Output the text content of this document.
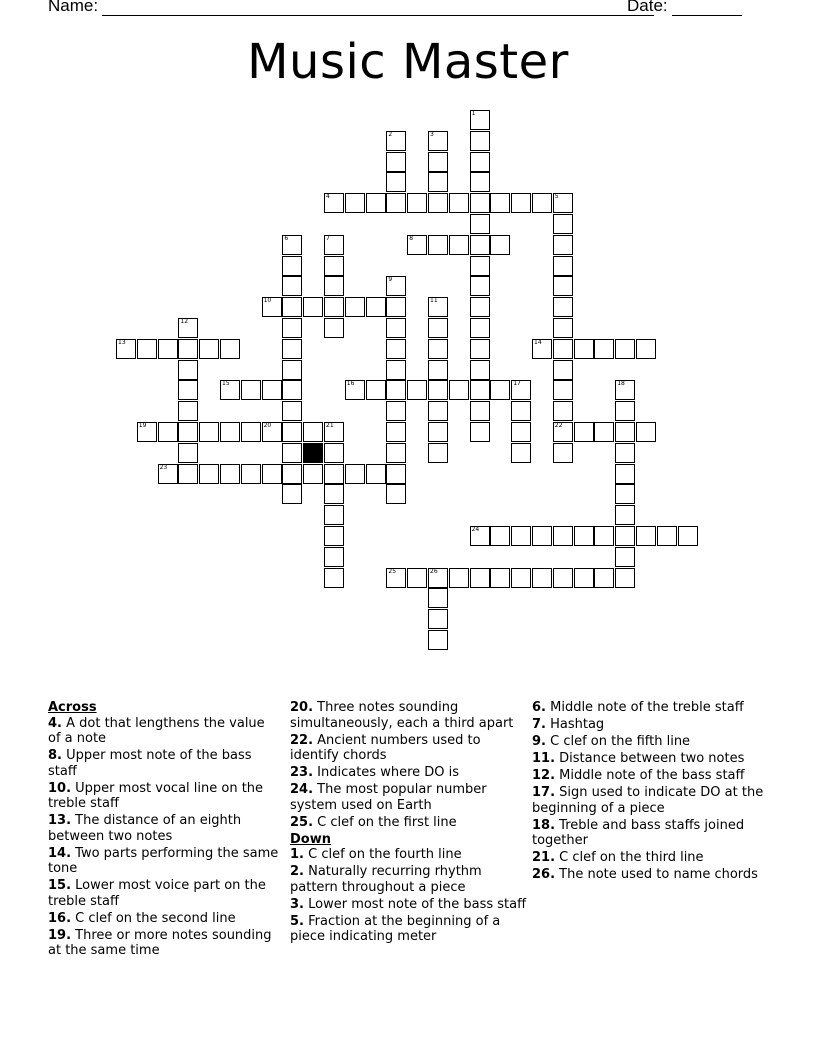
Name:	Date:
Music Master
1
2	3
4	5
22
6	7	8
9
10	11
12
13	14
15	16	17	18
19	20	21
23
24
25	26
Across
4. A dot that lengthens the value of a note
8. Upper most note of the bass staff
10. Upper most vocal line on the treble staff
13. The distance of an eighth between two notes
14. Two parts performing the same tone
15. Lower most voice part on the treble staff
16. C clef on the second line
19. Three or more notes sounding at the same time
20. Three notes sounding simultaneously, each a third apart
22. Ancient numbers used to identify chords
23. Indicates where DO is
24. The most popular number system used on Earth
25. C clef on the first line
Down
1. C clef on the fourth line
2. Naturally recurring rhythm pattern throughout a piece
3. Lower most note of the bass staff
5. Fraction at the beginning of a piece indicating meter
6. Middle note of the treble staff
7. Hashtag
9. C clef on the fifth line
11. Distance between two notes
12. Middle note of the bass staff
17. Sign used to indicate DO at the beginning of a piece
18. Treble and bass staffs joined together
21. C clef on the third line
26. The note used to name chords
